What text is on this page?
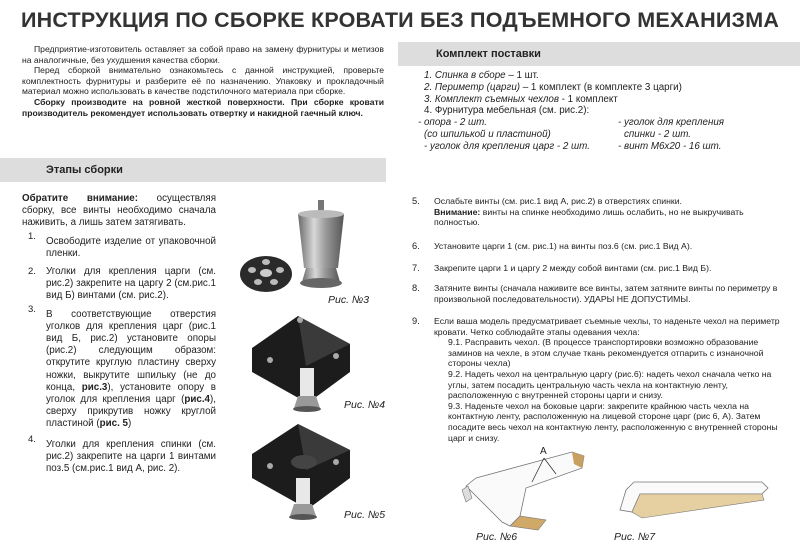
ИНСТРУКЦИЯ ПО СБОРКЕ КРОВАТИ БЕЗ ПОДЪЕМНОГО МЕХАНИЗМА

Предприятие-изготовитель оставляет за собой право на замену фурнитуры и метизов на аналогичные, без ухудшения качества сборки.

Перед сборкой внимательно ознакомьтесь с данной инструкцией, проверьте комплектность фурнитуры и разберите её по назначению. Упаковку и прокладочный материал можно использовать в качестве подстилочного материала при сборке.

Сборку производите на ровной жесткой поверхности. При сборке кровати производитель рекомендует использовать отвертку и накидной гаечный ключ.

Комплект поставки
1. Спинка в сборе – 1 шт.
2. Периметр (царги) – 1 комплект (в комплекте 3 царги)
3. Комплект съемных чехлов - 1 комплект
4. Фурнитура мебельная (см. рис.2):
- опора - 2 шт.
(со шпилькой и пластиной)
- уголок для крепления
спинки - 2 шт.
- уголок для крепления царг - 2 шт.	- винт М6х20 - 16 шт.
Этапы сборки
Обратите внимание: осуществляя сборку, все винты необходимо сначала наживить, а лишь затем затягивать.
1. Освободите изделие от упаковочной пленки.
2. Уголки для крепления царги (см. рис.2) закрепите на царгу 2 (см.рис.1 вид Б) винтами (см. рис.2).
3. В соответствующие отверстия уголков для крепления царг (рис.1 вид Б, рис.2) установите опоры (рис.2) следующим образом: открутите круглую пластину сверху ножки, выкрутите шпильку (не до конца, рис.3), установите опору в уголок для крепления царг (рис.4), сверху прикрутив ножку круглой пластиной (рис. 5)
4. Уголки для крепления спинки (см. рис.2) закрепите на царги 1 винтами поз.5 (см.рис.1 вид А, рис. 2).
Рис. №3
Рис. №4
Рис. №5
5. Ослабьте винты (см. рис.1 вид А, рис.2) в отверстиях спинки.
Внимание: винты на спинке необходимо лишь ослабить, но не выкручивать полностью.
6. Установите царги 1 (см. рис.1) на винты поз.6 (см. рис.1 Вид А).
7. Закрепите царги 1 и царгу 2 между собой винтами (см. рис.1 Вид Б).
8. Затяните винты (сначала наживите все винты, затем затяните винты по периметру в произвольной последовательности). УДАРЫ НЕ ДОПУСТИМЫ.
9. Если ваша модель предусматривает съемные чехлы, то наденьте чехол на периметр кровати. Четко соблюдайте этапы одевания чехла:
9.1. Расправить чехол. (В процессе транспортировки возможно образование заминов на чехле, в этом случае ткань рекомендуется отпарить с изнаночной стороны чехла)
9.2. Надеть чехол на центральную царгу (рис.6): надеть чехол сначала четко на углы, затем посадить центральную часть чехла на контактную ленту, расположенную с внутренней стороны царги и снизу.
9.3. Наденьте чехол на боковые царги: закрепите крайнюю часть чехла на контактную ленту, расположенную на лицевой стороне царг (рис 6, А). Затем посадите весь чехол на контактную ленту, расположенную с внутренней стороны царг и снизу.
А
Рис. №6	Рис. №7
